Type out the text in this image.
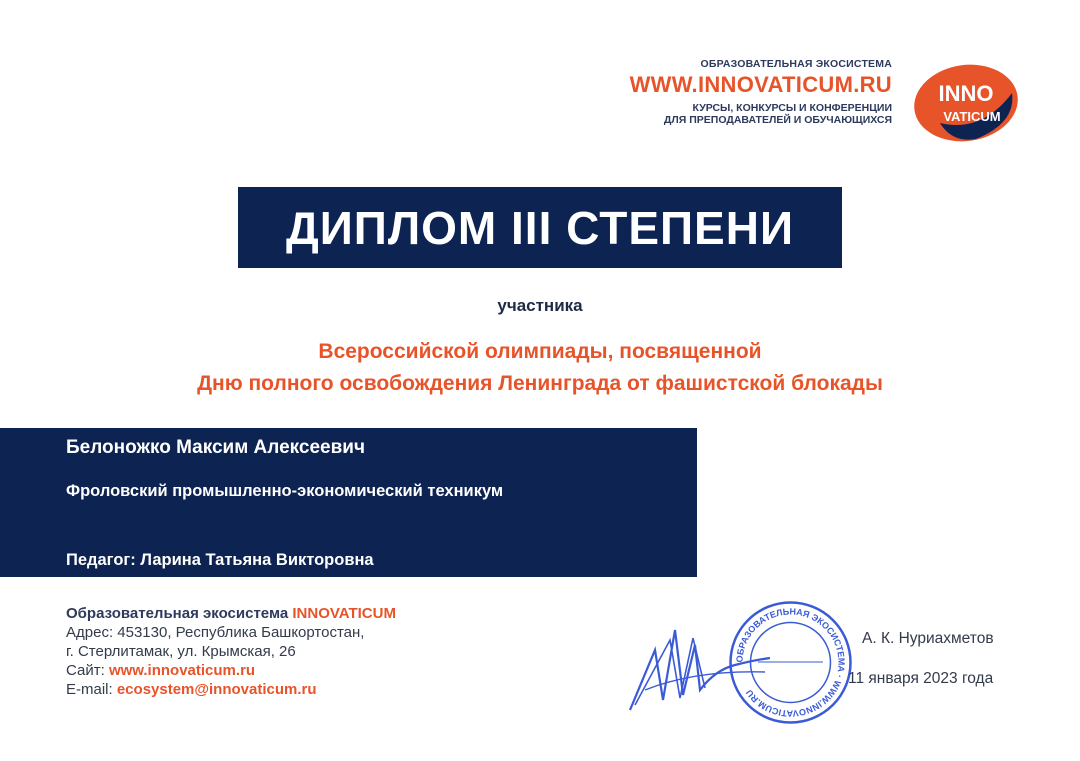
ОБРАЗОВАТЕЛЬНАЯ ЭКОСИСТЕМА
WWW.INNOVATICUM.RU
КУРСЫ, КОНКУРСЫ И КОНФЕРЕНЦИИ
ДЛЯ ПРЕПОДАВАТЕЛЕЙ И ОБУЧАЮЩИХСЯ
INNO
VATICUM
ДИПЛОМ III СТЕПЕНИ
участника
Всероссийской олимпиады, посвященной
Дню полного освобождения Ленинграда от фашистской блокады
Белоножко Максим Алексеевич
Фроловский промышленно-экономический техникум
Педагог: Ларина Татьяна Викторовна
Образовательная экосистема INNOVATICUM
Адрес: 453130, Республика Башкортостан,
г. Стерлитамак, ул. Крымская, 26
Сайт: www.innovaticum.ru
E-mail: ecosystem@innovaticum.ru
ОБРАЗОВАТЕЛЬНАЯ ЭКОСИСТЕМА · WWW.INNOVATICUM.RU
А. К. Нуриахметов
11 января 2023 года
